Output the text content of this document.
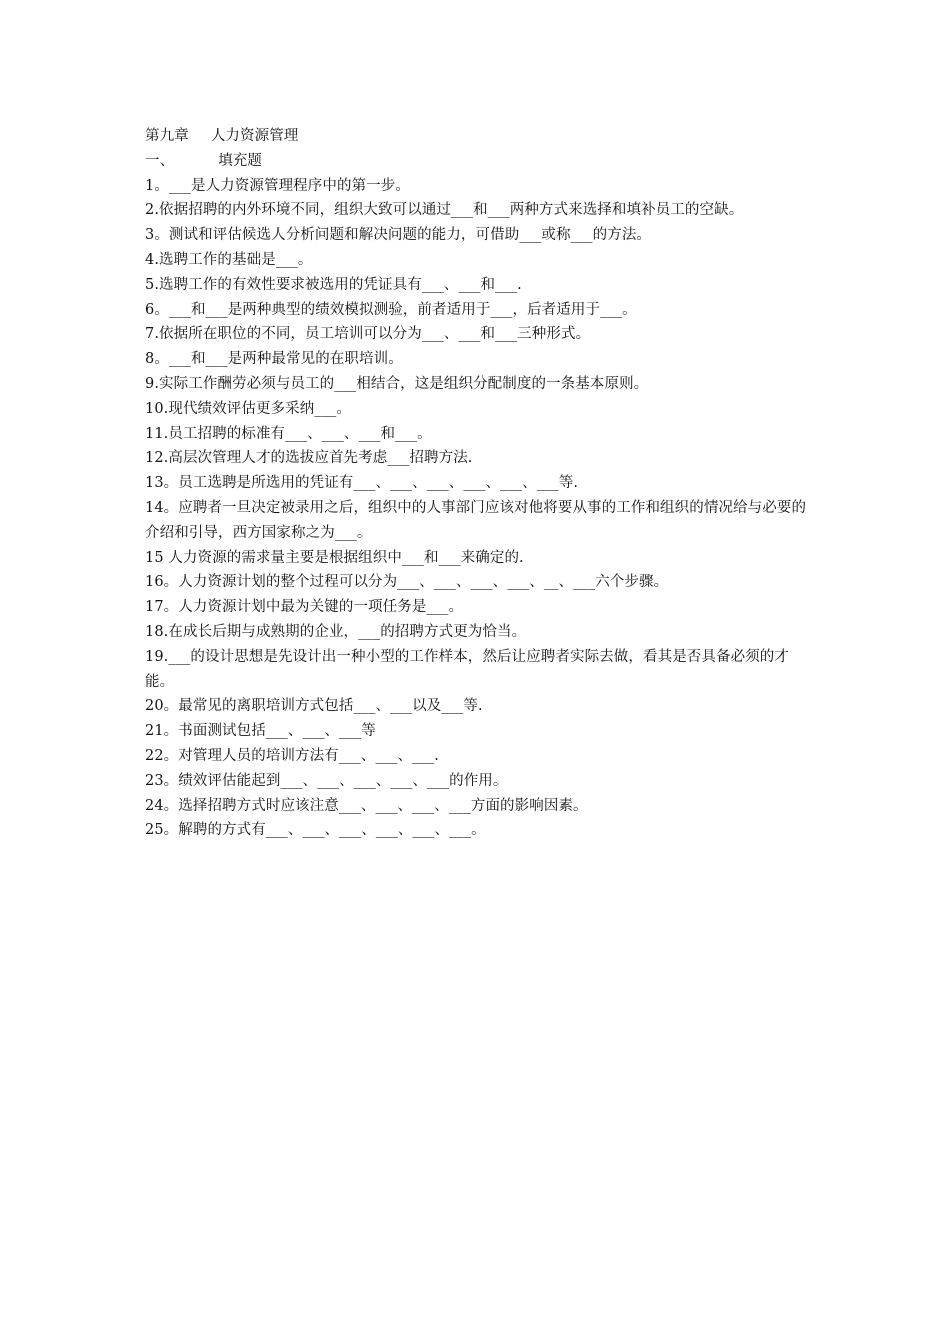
第九章 人力资源管理
一、	填充题
1。___是人力资源管理程序中的第一步。
2.依据招聘的内外环境不同，组织大致可以通过___和___两种方式来选择和填补员工的空缺。
3。测试和评估候选人分析问题和解决问题的能力，可借助___或称___的方法。
4.选聘工作的基础是___。
5.选聘工作的有效性要求被选用的凭证具有___、___和___.
6。___和___是两种典型的绩效模拟测验，前者适用于___，后者适用于___。
7.依据所在职位的不同，员工培训可以分为___、___和___三种形式。
8。___和___是两种最常见的在职培训。
9.实际工作酬劳必须与员工的___相结合，这是组织分配制度的一条基本原则。
10.现代绩效评估更多采纳___。
11.员工招聘的标准有___、___、___和___。
12.高层次管理人才的选拔应首先考虑___招聘方法.
13。员工选聘是所选用的凭证有___、___、___、___、___、___等.
14。应聘者一旦决定被录用之后，组织中的人事部门应该对他将要从事的工作和组织的情况给与必要的介绍和引导，西方国家称之为___。
15 人力资源的需求量主要是根据组织中___和___来确定的.
16。人力资源计划的整个过程可以分为___、___、___、___、__、___六个步骤。
17。人力资源计划中最为关键的一项任务是___。
18.在成长后期与成熟期的企业，___的招聘方式更为恰当。
19.___的设计思想是先设计出一种小型的工作样本，然后让应聘者实际去做，看其是否具备必须的才能。
20。最常见的离职培训方式包括___、___以及___等.
21。书面测试包括___、___、___等
22。对管理人员的培训方法有___、___、___.
23。绩效评估能起到___、___、___、___、___的作用。
24。选择招聘方式时应该注意___、___、___、___方面的影响因素。
25。解聘的方式有___、___、___、___、___、___。
